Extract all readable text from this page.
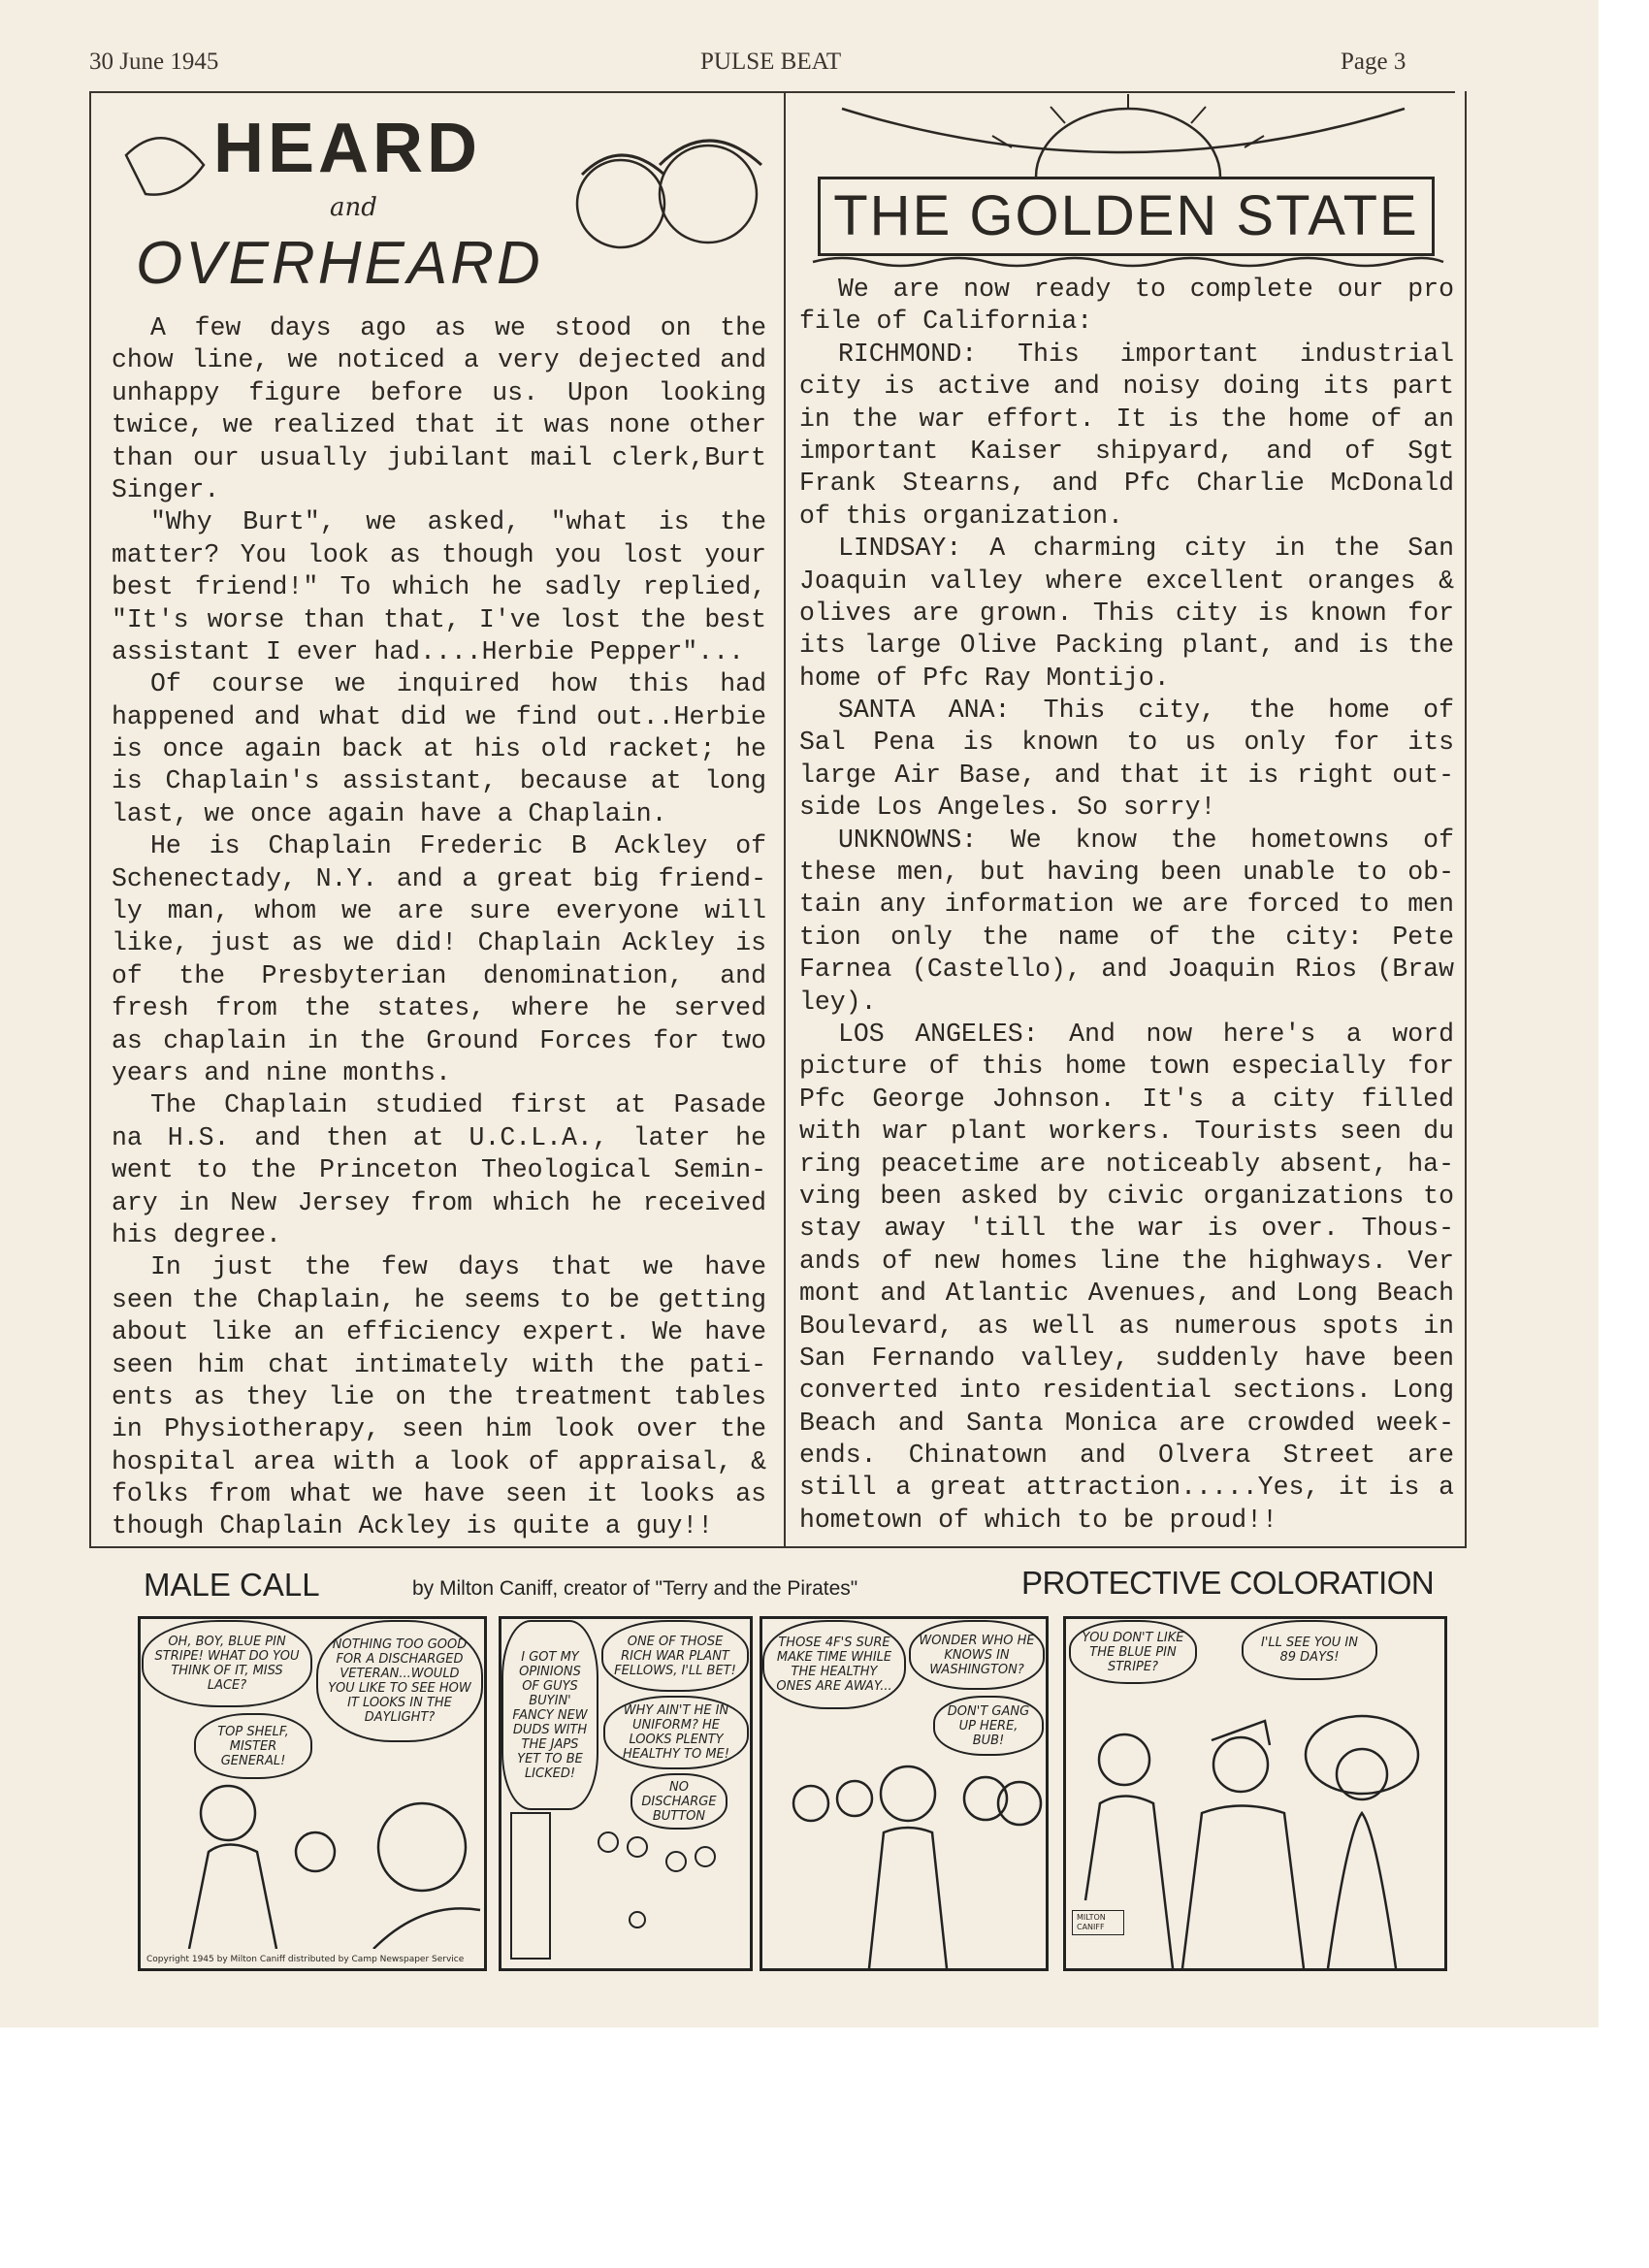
30 June 1945	PULSE BEAT	Page 3
HEARD
and
OVERHEARD
THE GOLDEN STATE
A few days ago as we stood on the
chow line, we noticed a very dejected and
unhappy figure before us. Upon looking
twice, we realized that it was none other
than our usually jubilant mail clerk,Burt
Singer.
"Why Burt", we asked, "what is the
matter? You look as though you lost your
best friend!" To which he sadly replied,
"It's worse than that, I've lost the best
assistant I ever had....Herbie Pepper"...
Of course we inquired how this had
happened and what did we find out..Herbie
is once again back at his old racket; he
is Chaplain's assistant, because at long
last, we once again have a Chaplain.
He is Chaplain Frederic B Ackley of
Schenectady, N.Y. and a great big friend-
ly man, whom we are sure everyone will
like, just as we did! Chaplain Ackley is
of the Presbyterian denomination, and
fresh from the states, where he served
as chaplain in the Ground Forces for two
years and nine months.
The Chaplain studied first at Pasade
na H.S. and then at U.C.L.A., later he
went to the Princeton Theological Semin-
ary in New Jersey from which he received
his degree.
In just the few days that we have
seen the Chaplain, he seems to be getting
about like an efficiency expert. We have
seen him chat intimately with the pati-
ents as they lie on the treatment tables
in Physiotherapy, seen him look over the
hospital area with a look of appraisal, &
folks from what we have seen it looks as
though Chaplain Ackley is quite a guy!!
We are now ready to complete our pro
file of California:
RICHMOND: This important industrial
city is active and noisy doing its part
in the war effort. It is the home of an
important Kaiser shipyard, and of Sgt
Frank Stearns, and Pfc Charlie McDonald
of this organization.
LINDSAY: A charming city in the San
Joaquin valley where excellent oranges &
olives are grown. This city is known for
its large Olive Packing plant, and is the
home of Pfc Ray Montijo.
SANTA ANA: This city, the home of
Sal Pena is known to us only for its
large Air Base, and that it is right out-
side Los Angeles. So sorry!
UNKNOWNS: We know the hometowns of
these men, but having been unable to ob-
tain any information we are forced to men
tion only the name of the city: Pete
Farnea (Castello), and Joaquin Rios (Braw
ley).
LOS ANGELES: And now here's a word
picture of this home town especially for
Pfc George Johnson. It's a city filled
with war plant workers. Tourists seen du
ring peacetime are noticeably absent, ha-
ving been asked by civic organizations to
stay away 'till the war is over. Thous-
ands of new homes line the highways. Ver
mont and Atlantic Avenues, and Long Beach
Boulevard, as well as numerous spots in
San Fernando valley, suddenly have been
converted into residential sections. Long
Beach and Santa Monica are crowded week-
ends. Chinatown and Olvera Street are
still a great attraction.....Yes, it is a
hometown of which to be proud!!
MALE CALL	by Milton Caniff, creator of "Terry and the Pirates"	PROTECTIVE COLORATION
Copyright 1945 by Milton Caniff distributed by Camp Newspaper Service
MILTON CANIFF
OH, BOY, BLUE PIN STRIPE! WHAT DO YOU THINK OF IT, MISS LACE?
NOTHING TOO GOOD FOR A DISCHARGED VETERAN...WOULD YOU LIKE TO SEE HOW IT LOOKS IN THE DAYLIGHT?
TOP SHELF, MISTER GENERAL!
I GOT MY OPINIONS OF GUYS BUYIN' FANCY NEW DUDS WITH THE JAPS YET TO BE LICKED!
ONE OF THOSE RICH WAR PLANT FELLOWS, I'LL BET!
WHY AIN'T HE IN UNIFORM? HE LOOKS PLENTY HEALTHY TO ME!
NO DISCHARGE BUTTON
THOSE 4F'S SURE MAKE TIME WHILE THE HEALTHY ONES ARE AWAY...
WONDER WHO HE KNOWS IN WASHINGTON?
DON'T GANG UP HERE, BUB!
YOU DON'T LIKE THE BLUE PIN STRIPE?
I'LL SEE YOU IN 89 DAYS!
